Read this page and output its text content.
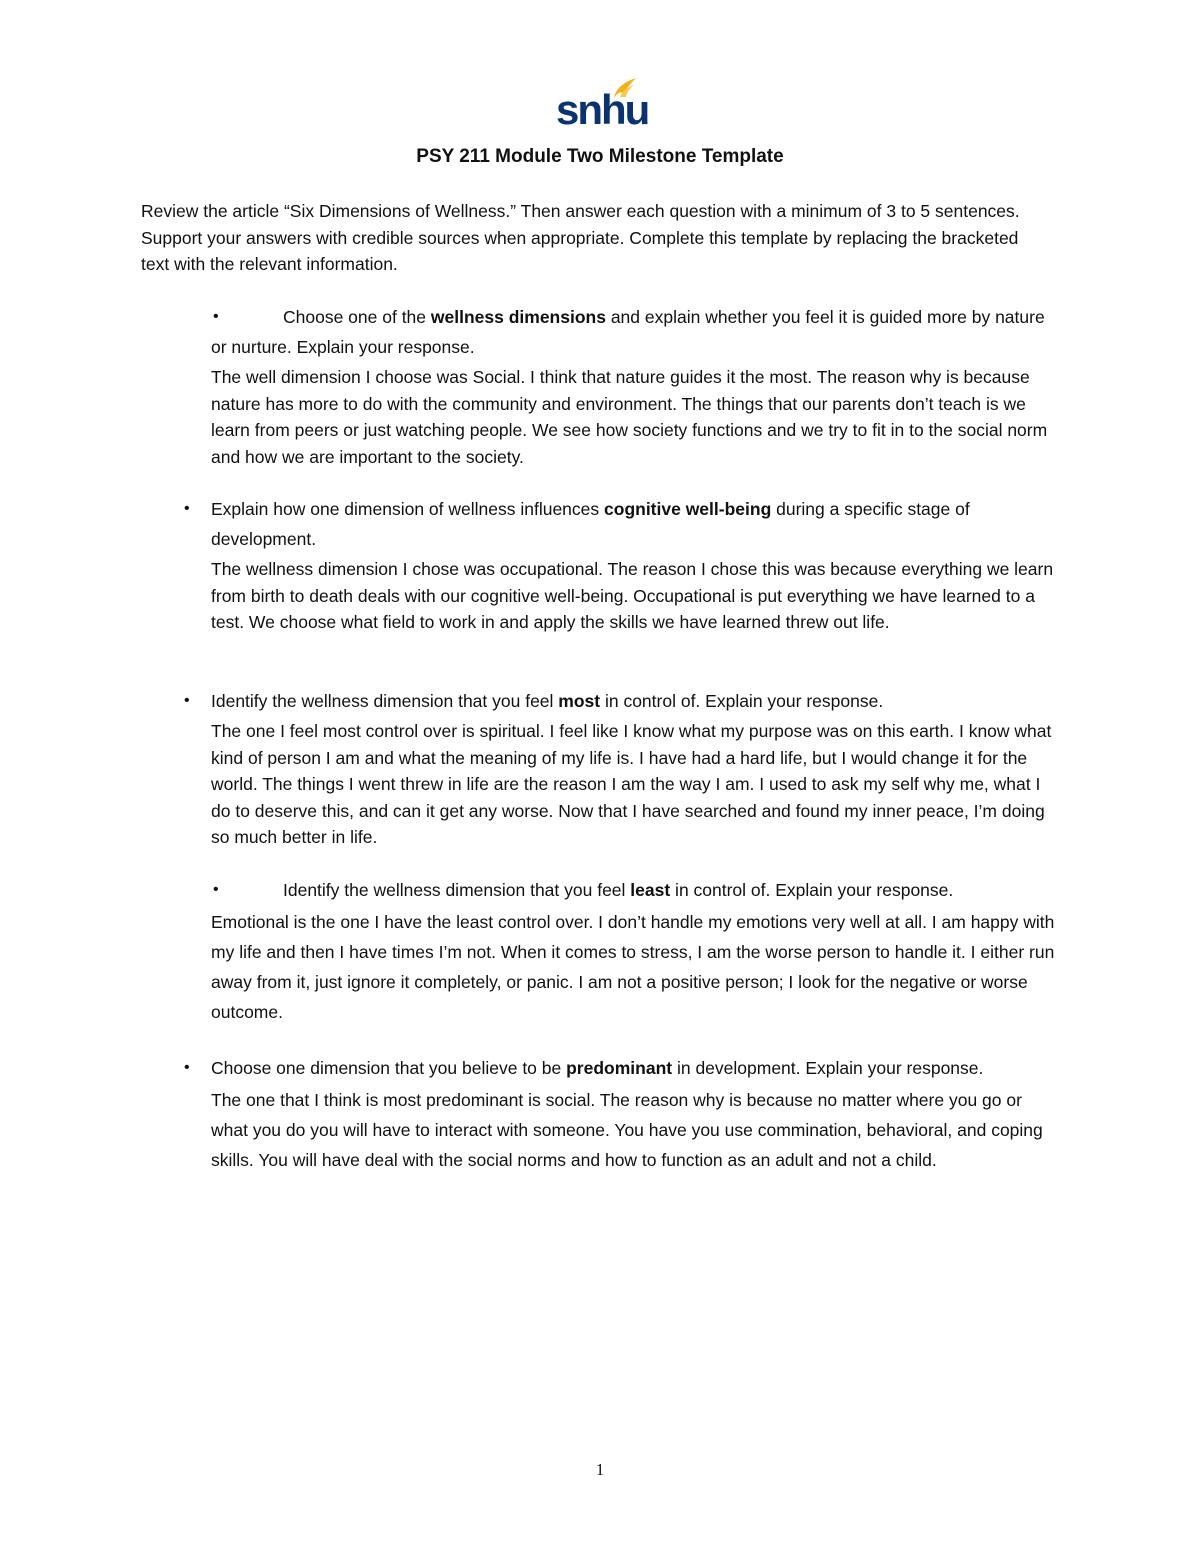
snhu
PSY 211 Module Two Milestone Template
Review the article “Six Dimensions of Wellness.” Then answer each question with a minimum of 3 to 5 sentences. Support your answers with credible sources when appropriate. Complete this template by replacing the bracketed text with the relevant information.
•	Choose one of the wellness dimensions and explain whether you feel it is guided more by nature or nurture. Explain your response.
The well dimension I choose was Social. I think that nature guides it the most. The reason why is because nature has more to do with the community and environment. The things that our parents don’t teach is we learn from peers or just watching people. We see how society functions and we try to fit in to the social norm and how we are important to the society.
• Explain how one dimension of wellness influences cognitive well-being during a specific stage of development.
The wellness dimension I chose was occupational. The reason I chose this was because everything we learn from birth to death deals with our cognitive well-being. Occupational is put everything we have learned to a test. We choose what field to work in and apply the skills we have learned threw out life.
• Identify the wellness dimension that you feel most in control of. Explain your response.
The one I feel most control over is spiritual. I feel like I know what my purpose was on this earth. I know what kind of person I am and what the meaning of my life is. I have had a hard life, but I would change it for the world. The things I went threw in life are the reason I am the way I am. I used to ask my self why me, what I do to deserve this, and can it get any worse. Now that I have searched and found my inner peace, I’m doing so much better in life.
•	Identify the wellness dimension that you feel least in control of. Explain your response.
Emotional is the one I have the least control over. I don’t handle my emotions very well at all. I am happy with my life and then I have times I’m not. When it comes to stress, I am the worse person to handle it. I either run away from it, just ignore it completely, or panic. I am not a positive person; I look for the negative or worse outcome.
• Choose one dimension that you believe to be predominant in development. Explain your response.
The one that I think is most predominant is social. The reason why is because no matter where you go or what you do you will have to interact with someone. You have you use commination, behavioral, and coping skills. You will have deal with the social norms and how to function as an adult and not a child.
1
